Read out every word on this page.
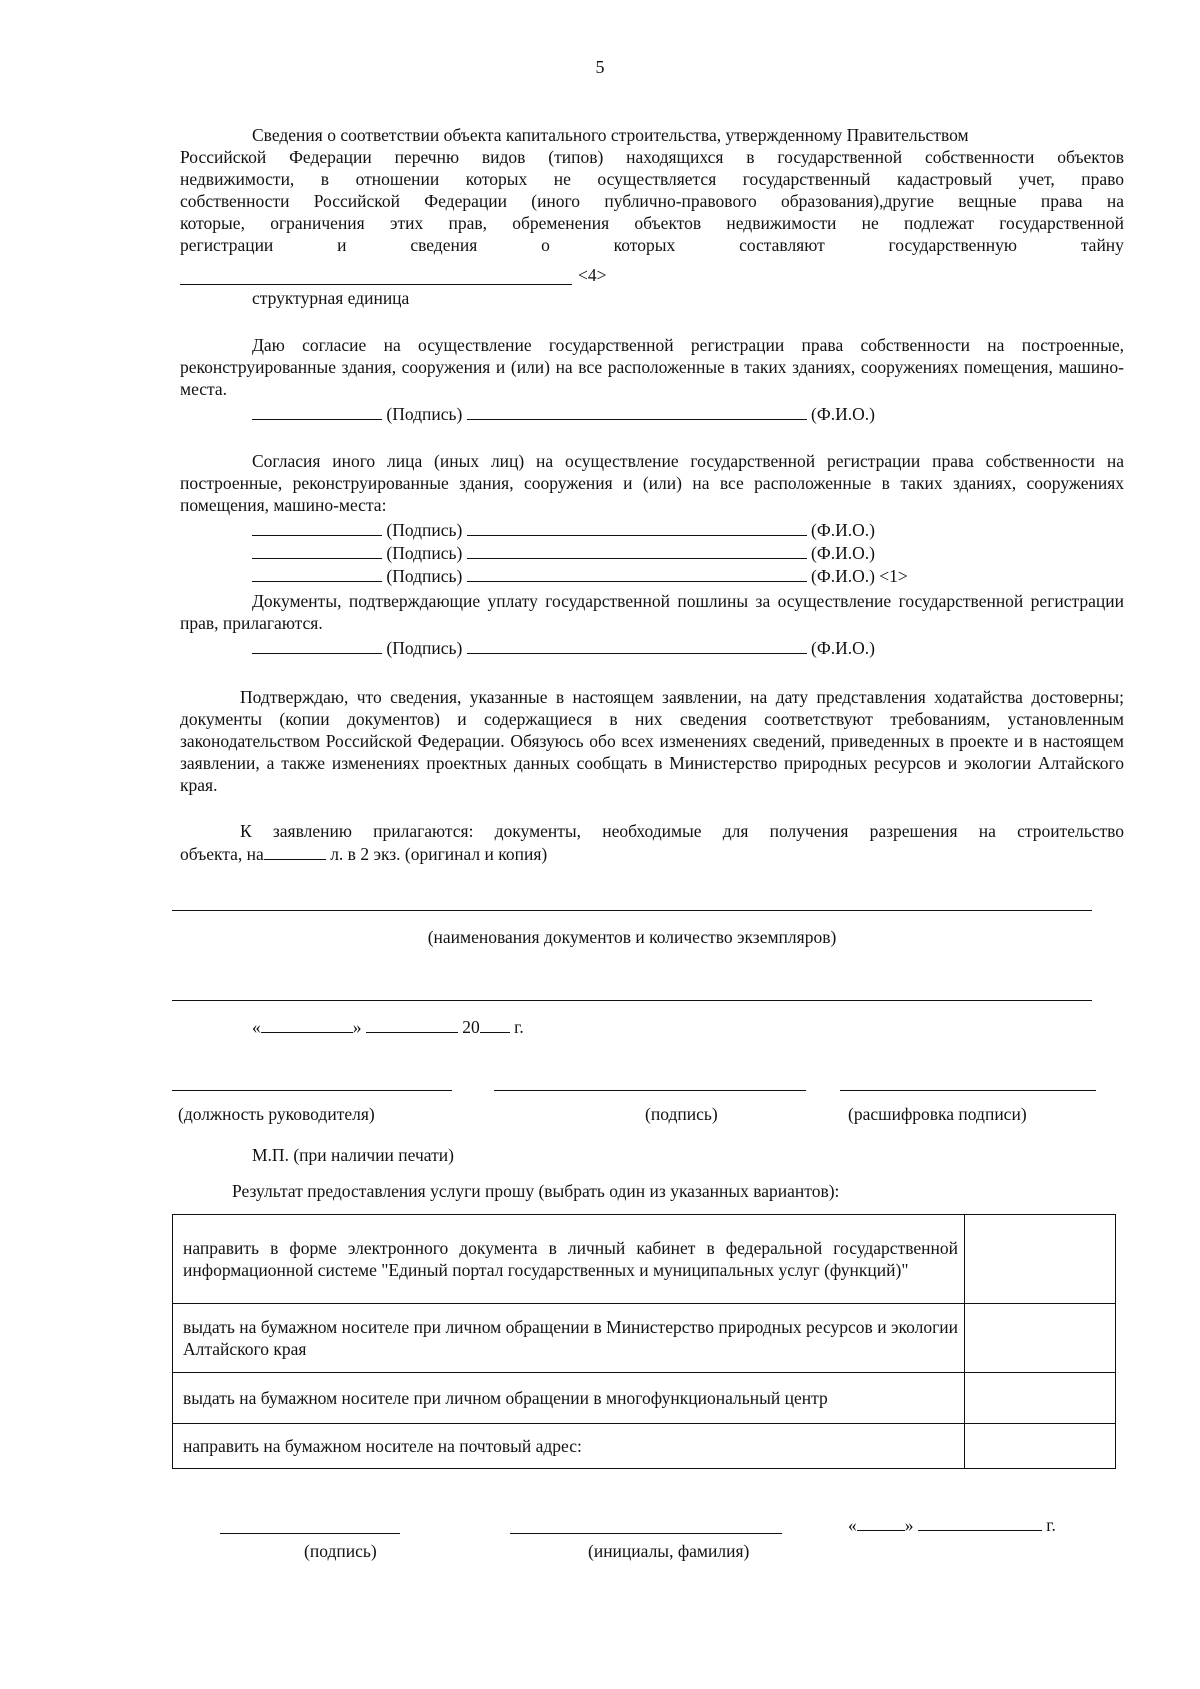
5
Сведения о соответствии объекта капитального строительства, утвержденному Правительством
Российской Федерации перечню видов (типов) находящихся в государственной собственности объектов
недвижимости, в отношении которых не осуществляется государственный кадастровый учет, право
собственности Российской Федерации (иного публично-правового образования),другие вещные права на
которые, ограничения этих прав, обременения объектов недвижимости не подлежат государственной
регистрации	и	сведения	о	которых	составляют	государственную	тайну
<4>
структурная единица
Даю согласие на осуществление государственной регистрации права собственности на построенные, реконструированные здания, сооружения и (или) на все расположенные в таких зданиях, сооружениях помещения, машино-места.
(Подпись)	(Ф.И.О.)
Согласия иного лица (иных лиц) на осуществление государственной регистрации права собственности на построенные, реконструированные здания, сооружения и (или) на все расположенные в таких зданиях, сооружениях помещения, машино-места:
(Подпись)	(Ф.И.О.)
(Подпись)	(Ф.И.О.)
(Подпись)	(Ф.И.О.) <1>
Документы, подтверждающие уплату государственной пошлины за осуществление государственной регистрации прав, прилагаются.
(Подпись)	(Ф.И.О.)
Подтверждаю, что сведения, указанные в настоящем заявлении, на дату представления ходатайства достоверны; документы (копии документов) и содержащиеся в них сведения соответствуют требованиям, установленным законодательством Российской Федерации. Обязуюсь обо всех изменениях сведений, приведенных в проекте и в настоящем заявлении, а также изменениях проектных данных сообщать в Министерство природных ресурсов и экологии Алтайского края.
К заявлению прилагаются: документы, необходимые для получения разрешения на строительство
объекта, на	л. в 2 экз. (оригинал и копия)
(наименования документов и количество экземпляров)
«	»	20 г.
(должность руководителя)	(подпись)	(расшифровка подписи)
М.П. (при наличии печати)
Результат предоставления услуги прошу (выбрать один из указанных вариантов):
направить в форме электронного документа в личный кабинет в федеральной государственной информационной системе "Единый портал государственных и муниципальных услуг (функций)"	
выдать на бумажном носителе при личном обращении в Министерство природных ресурсов и экологии Алтайского края	
выдать на бумажном носителе при личном обращении в многофункциональный центр	
направить на бумажном носителе на почтовый адрес:	
«	»	г.
(подпись)	(инициалы, фамилия)
